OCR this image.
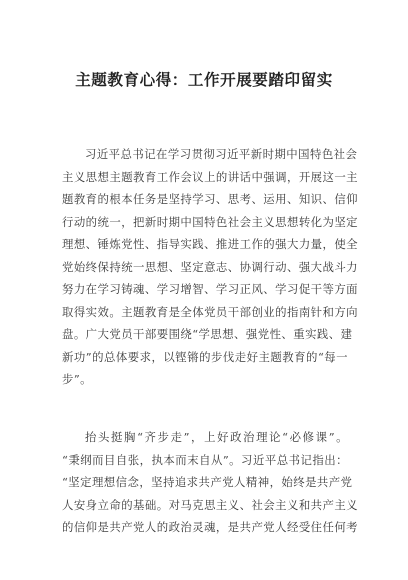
主题教育心得：工作开展要踏印留实
习近平总书记在学习贯彻习近平新时期中国特色社会
主义思想主题教育工作会议上的讲话中强调，开展这一主
题教育的根本任务是坚持学习、思考、运用、知识、信仰
行动的统一，把新时期中国特色社会主义思想转化为坚定
理想、锤炼党性、指导实践、推进工作的强大力量，使全
党始终保持统一思想、坚定意志、协调行动、强大战斗力
努力在学习铸魂、学习增智、学习正风、学习促干等方面
取得实效。主题教育是全体党员干部创业的指南针和方向
盘。广大党员干部要围绕“学思想、强党性、重实践、建
新功”的总体要求，以铿锵的步伐走好主题教育的“每一
步”。
抬头挺胸“齐步走”，上好政治理论“必修课”。
“秉纲而目自张，执本而末自从”。习近平总书记指出：
“坚定理想信念，坚持追求共产党人精神，始终是共产党
人安身立命的基础。对马克思主义、社会主义和共产主义
的信仰是共产党人的政治灵魂，是共产党人经受住任何考
